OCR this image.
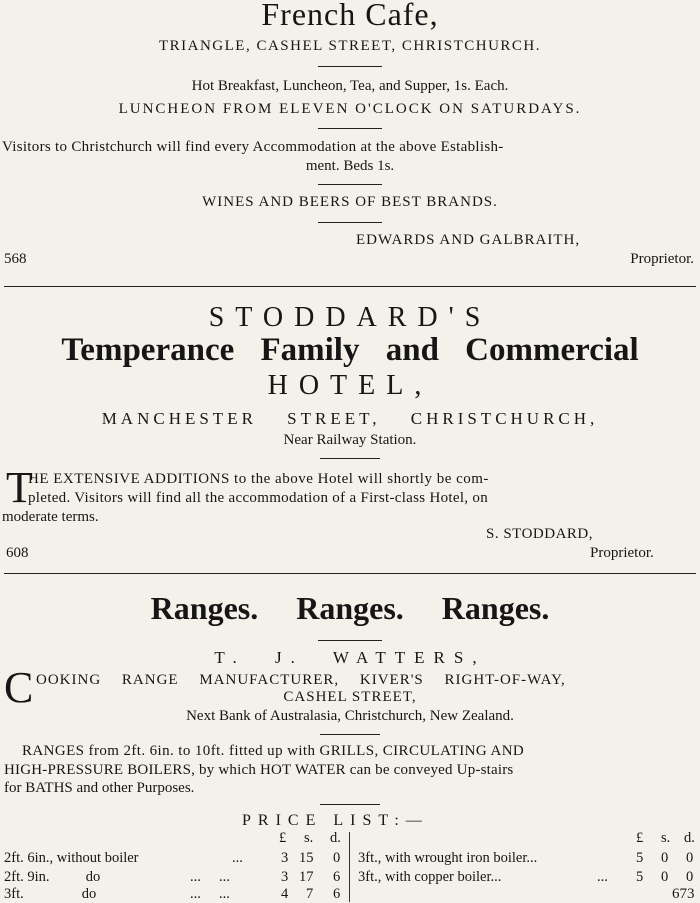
French Cafe,
TRIANGLE, CASHEL STREET, CHRISTCHURCH.
Hot Breakfast, Luncheon, Tea, and Supper, 1s. Each.
LUNCHEON FROM ELEVEN O'CLOCK ON SATURDAYS.
Visitors to Christchurch will find every Accommodation at the above Establish-
ment. Beds 1s.
WINES AND BEERS OF BEST BRANDS.
EDWARDS AND GALBRAITH,
568	Proprietor.
STODDARD'S
Temperance Family and Commercial
HOTEL,
MANCHESTER STREET, CHRISTCHURCH,
Near Railway Station.
T
HE EXTENSIVE ADDITIONS to the above Hotel will shortly be com-
pleted. Visitors will find all the accommodation of a First-class Hotel, on
moderate terms.
S. STODDARD,
608	Proprietor.
Ranges. Ranges. Ranges.
T. J. WATTERS,
C OOKING RANGE MANUFACTURER, KIVER'S RIGHT-OF-WAY,
CASHEL STREET,
Next Bank of Australasia, Christchurch, New Zealand.
RANGES from 2ft. 6in. to 10ft. fitted up with GRILLS, CIRCULATING AND
HIGH-PRESSURE BOILERS, by which HOT WATER can be conveyed Up-stairs
for BATHS and other Purposes.
PRICE LIST:—
£ s. d.	£ s. d.
2ft. 6in., without boiler	...	3 15 0
2ft. 9in.          do	...     ...	3 17 6
3ft.                do	...     ...	4 7 6
3ft., with wrought iron boiler...	5 0 0
3ft., with copper boiler...	... 5 0 0
673
